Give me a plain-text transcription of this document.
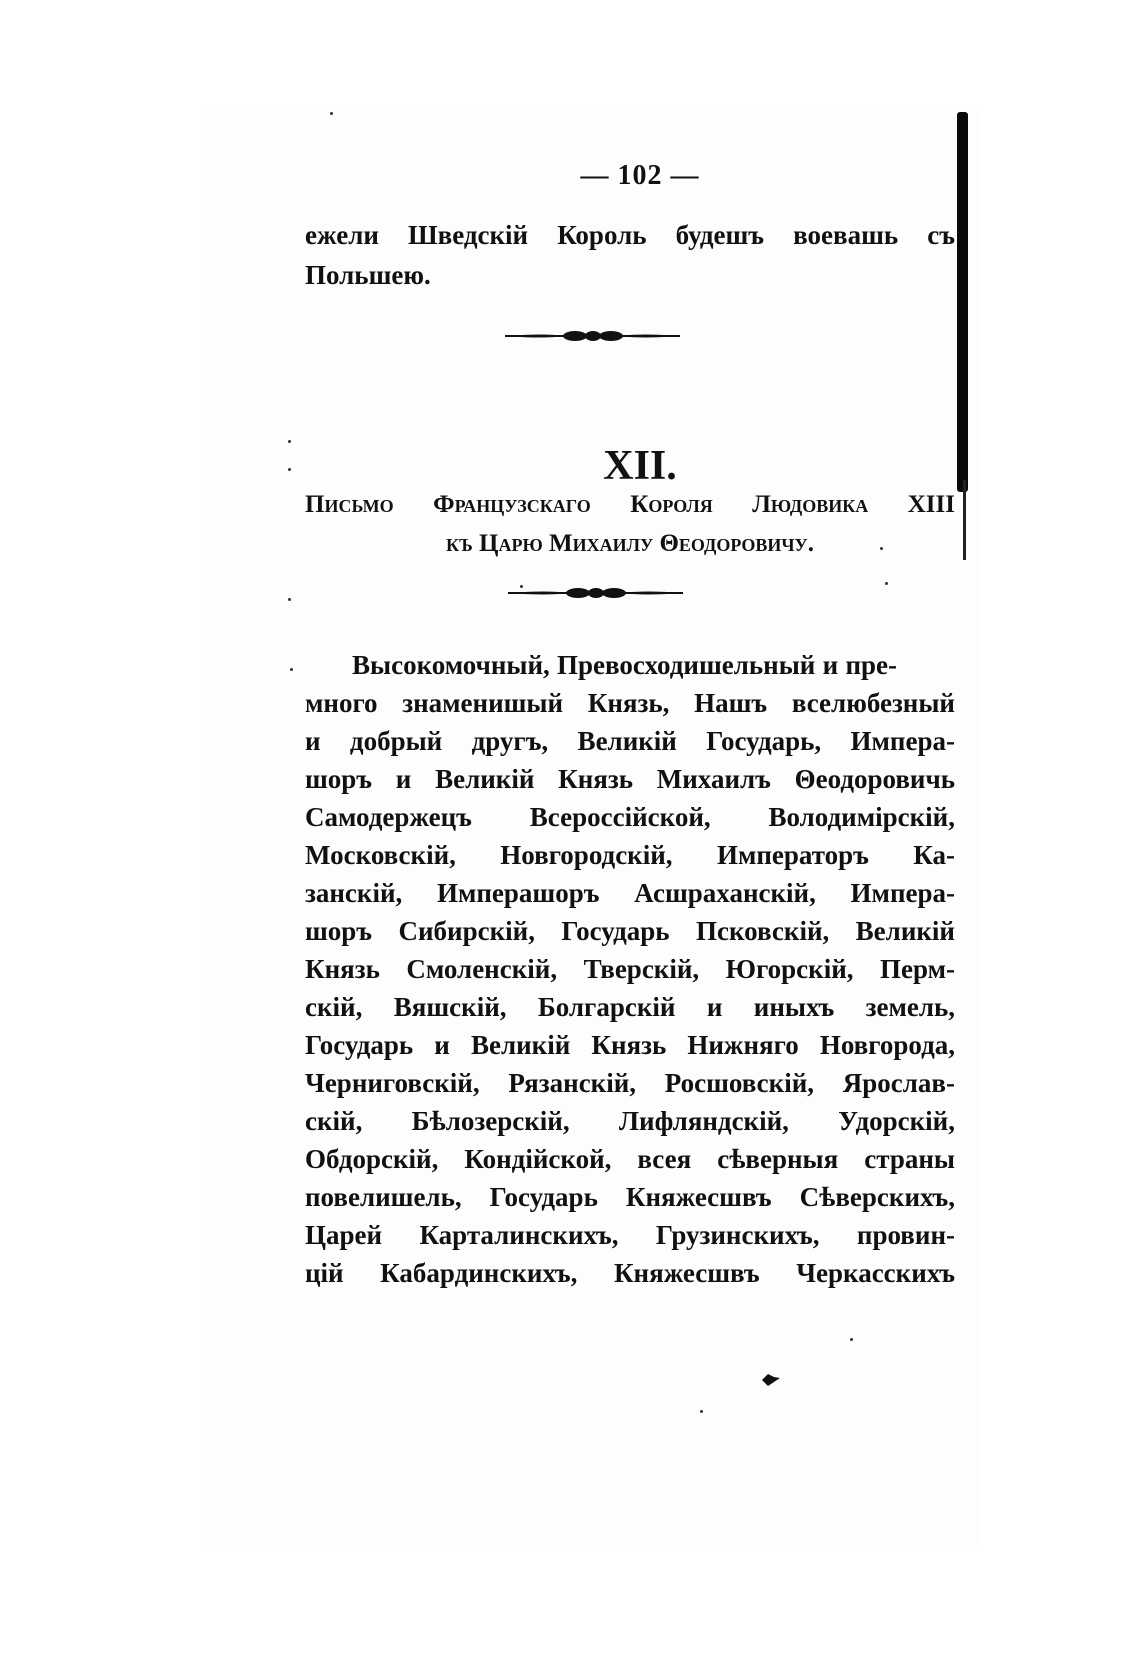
— 102 —
ежели Шведскій Король будешъ воевашь съ
Польшею.
XII.
Письмо Французскаго Короля Людовика XIII
къ Царю Михаилу Θеодоровичу.
Высокомочный, Превосходишельный и пре-
много знаменишый Князь, Нашъ вселюбезный
и добрый другъ, Великій Государь, Импера-
шоръ и Великій Князь Михаилъ Θеодоровичь
Самодержецъ Всероссійской, Володимірскій,
Московскій, Новгородскій, Императоръ Ка-
занскій, Имперашоръ Асшраханскій, Импера-
шоръ Сибирскій, Государь Псковскій, Великій
Князь Смоленскій, Тверскій, Югорскій, Перм-
скій, Вяшскій, Болгарскій и иныхъ земель,
Государь и Великій Князь Нижняго Новгорода,
Черниговскій, Рязанскій, Росшовскій, Ярослав-
скій, Бѣлозерскій, Лифляндскій, Удорскій,
Обдорскій, Кондійской, всея сѣверныя страны
повелишель, Государь Княжесшвъ Сѣверскихъ,
Царей Карталинскихъ, Грузинскихъ, провин-
цій Кабардинскихъ, Княжесшвъ Черкасскихъ
